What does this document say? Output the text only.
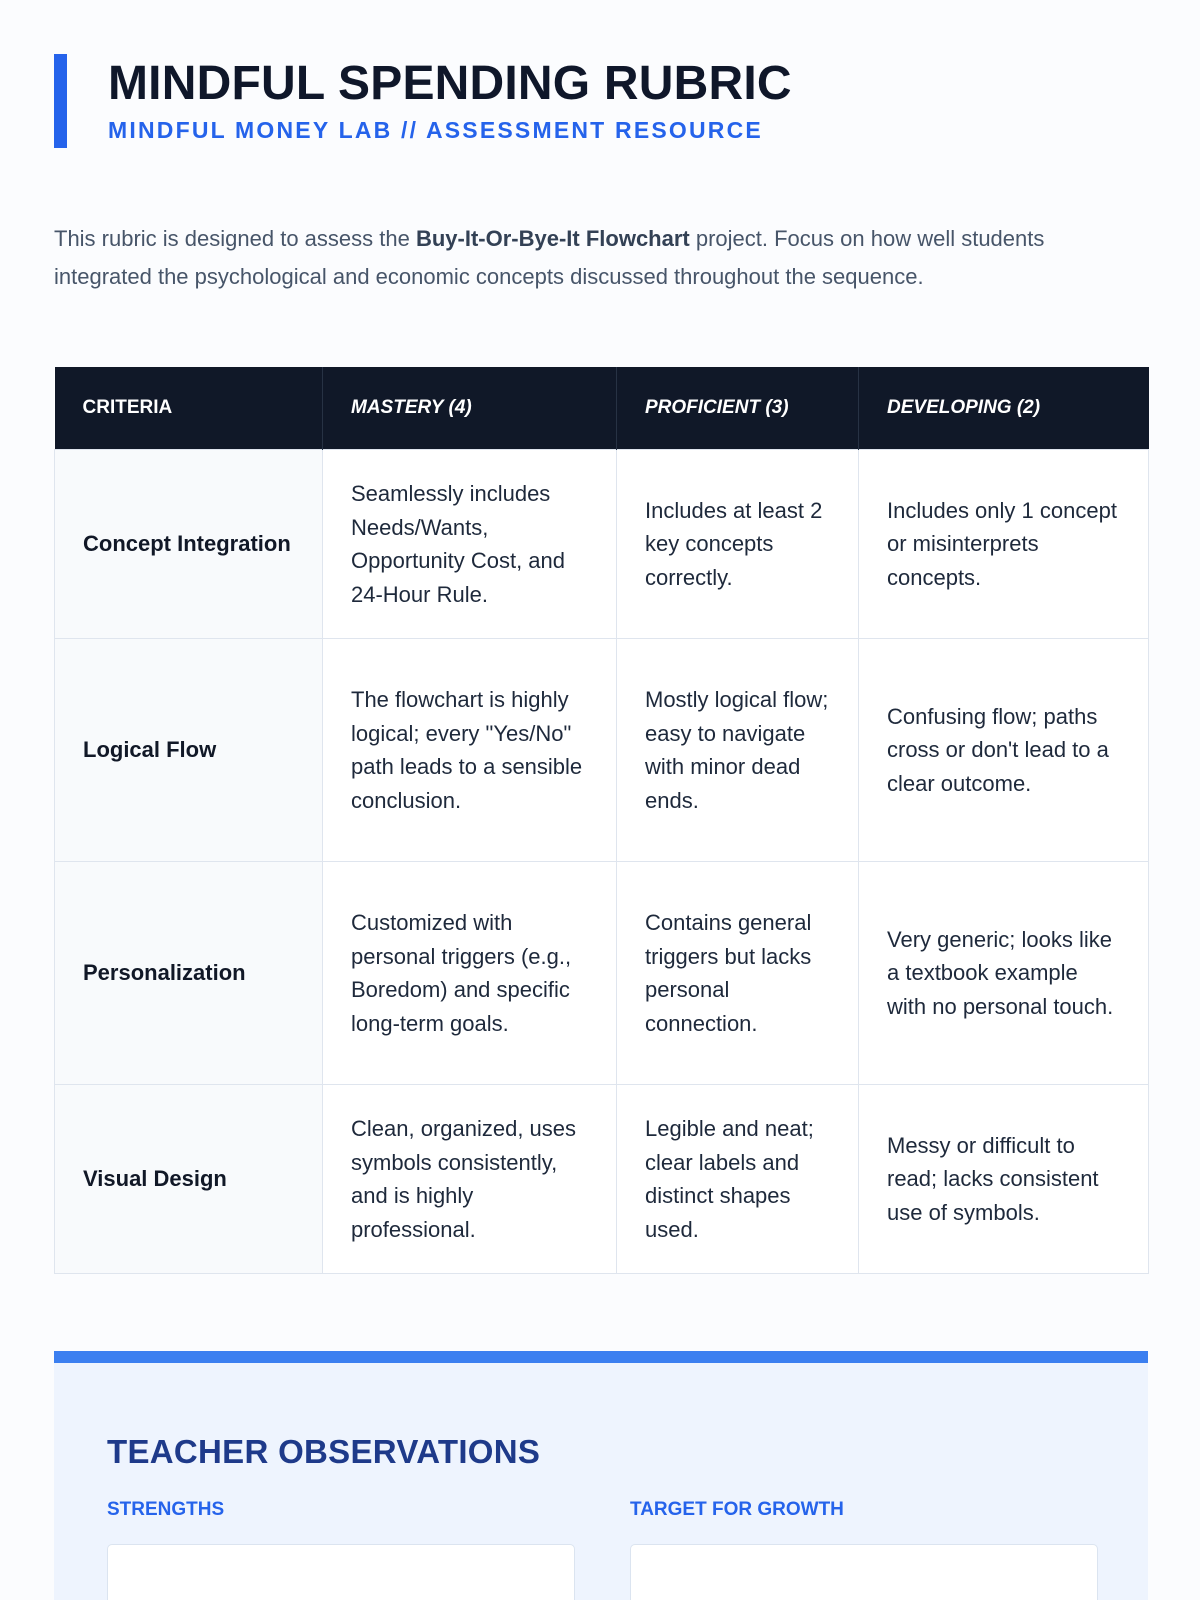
MINDFUL SPENDING RUBRIC
MINDFUL MONEY LAB // ASSESSMENT RESOURCE

This rubric is designed to assess the Buy-It-Or-Bye-It Flowchart project. Focus on how well students integrated the psychological and economic concepts discussed throughout the sequence.

CRITERIA	MASTERY (4)	PROFICIENT (3)	DEVELOPING (2)
Concept Integration	Seamlessly includes Needs/Wants, Opportunity Cost, and 24-Hour Rule.	Includes at least 2 key concepts correctly.	Includes only 1 concept or misinterprets concepts.
Logical Flow	The flowchart is highly logical; every "Yes/No" path leads to a sensible conclusion.	Mostly logical flow; easy to navigate with minor dead ends.	Confusing flow; paths cross or don't lead to a clear outcome.
Personalization	Customized with personal triggers (e.g., Boredom) and specific long-term goals.	Contains general triggers but lacks personal connection.	Very generic; looks like a textbook example with no personal touch.
Visual Design	Clean, organized, uses symbols consistently, and is highly professional.	Legible and neat; clear labels and distinct shapes used.	Messy or difficult to read; lacks consistent use of symbols.
TEACHER OBSERVATIONS
STRENGTHS	TARGET FOR GROWTH
